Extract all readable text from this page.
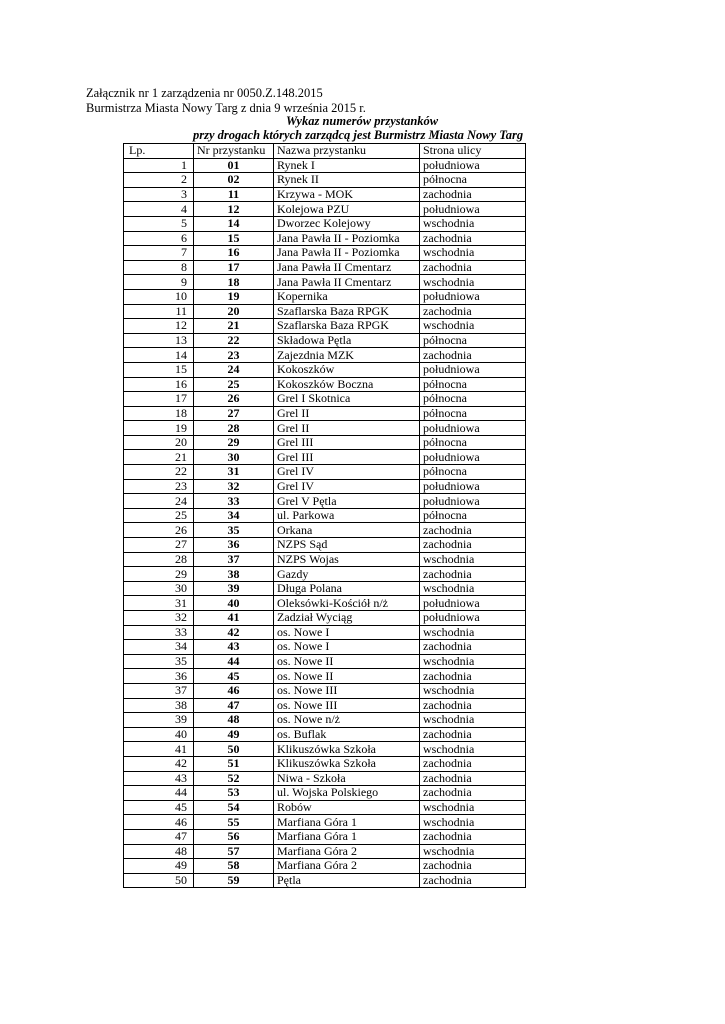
Załącznik nr 1 zarządzenia nr 0050.Z.148.2015
Burmistrza Miasta Nowy Targ z dnia 9 września 2015 r.
Wykaz numerów przystanków
przy drogach których zarządcą jest Burmistrz Miasta Nowy Targ
Lp.	Nr przystanku	Nazwa przystanku	Strona ulicy
1	01	Rynek I	południowa
2	02	Rynek II	północna
3	11	Krzywa - MOK	zachodnia
4	12	Kolejowa PZU	południowa
5	14	Dworzec Kolejowy	wschodnia
6	15	Jana Pawła II - Poziomka	zachodnia
7	16	Jana Pawła II - Poziomka	wschodnia
8	17	Jana Pawła II Cmentarz	zachodnia
9	18	Jana Pawła II Cmentarz	wschodnia
10	19	Kopernika	południowa
11	20	Szaflarska Baza RPGK	zachodnia
12	21	Szaflarska Baza RPGK	wschodnia
13	22	Składowa Pętla	północna
14	23	Zajezdnia MZK	zachodnia
15	24	Kokoszków	południowa
16	25	Kokoszków Boczna	północna
17	26	Grel I Skotnica	północna
18	27	Grel II	północna
19	28	Grel II	południowa
20	29	Grel III	północna
21	30	Grel III	południowa
22	31	Grel IV	północna
23	32	Grel IV	południowa
24	33	Grel V Pętla	południowa
25	34	ul. Parkowa	północna
26	35	Orkana	zachodnia
27	36	NZPS Sąd	zachodnia
28	37	NZPS Wojas	wschodnia
29	38	Gazdy	zachodnia
30	39	Długa Polana	wschodnia
31	40	Oleksówki-Kościół n/ż	południowa
32	41	Zadział Wyciąg	południowa
33	42	os. Nowe I	wschodnia
34	43	os. Nowe I	zachodnia
35	44	os. Nowe II	wschodnia
36	45	os. Nowe II	zachodnia
37	46	os. Nowe III	wschodnia
38	47	os. Nowe III	zachodnia
39	48	os. Nowe n/ż	wschodnia
40	49	os. Buflak	zachodnia
41	50	Klikuszówka Szkoła	wschodnia
42	51	Klikuszówka Szkoła	zachodnia
43	52	Niwa - Szkoła	zachodnia
44	53	ul. Wojska Polskiego	zachodnia
45	54	Robów	wschodnia
46	55	Marfiana Góra 1	wschodnia
47	56	Marfiana Góra 1	zachodnia
48	57	Marfiana Góra 2	wschodnia
49	58	Marfiana Góra 2	zachodnia
50	59	Pętla	zachodnia
